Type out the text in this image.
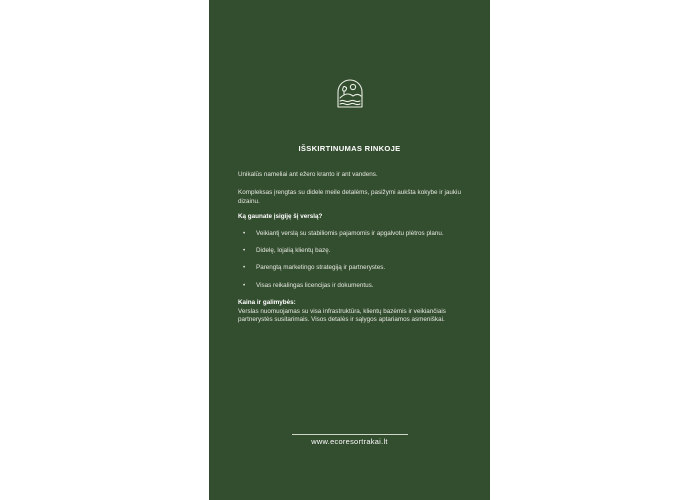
IŠSKIRTINUMAS RINKOJE

Unikalūs nameliai ant ežero kranto ir ant vandens.

Kompleksas įrengtas su didele meile detalėms, pasižymi aukšta kokybe ir jaukiu dizainu.

Ką gaunate įsigiję šį verslą?

• Veikiantį verslą su stabiliomis pajamomis ir apgalvotu plėtros planu.
• Didelę, lojalią klientų bazę.
• Parengtą marketingo strategiją ir partnerystes.
• Visas reikalingas licencijas ir dokumentus.

Kaina ir galimybės:

Verslas nuomuojamas su visa infrastruktūra, klientų bazėmis ir veikiančiais partnerystės susitarimais. Visos detalės ir sąlygos aptariamos asmeniškai.

www.ecoresortrakai.lt
